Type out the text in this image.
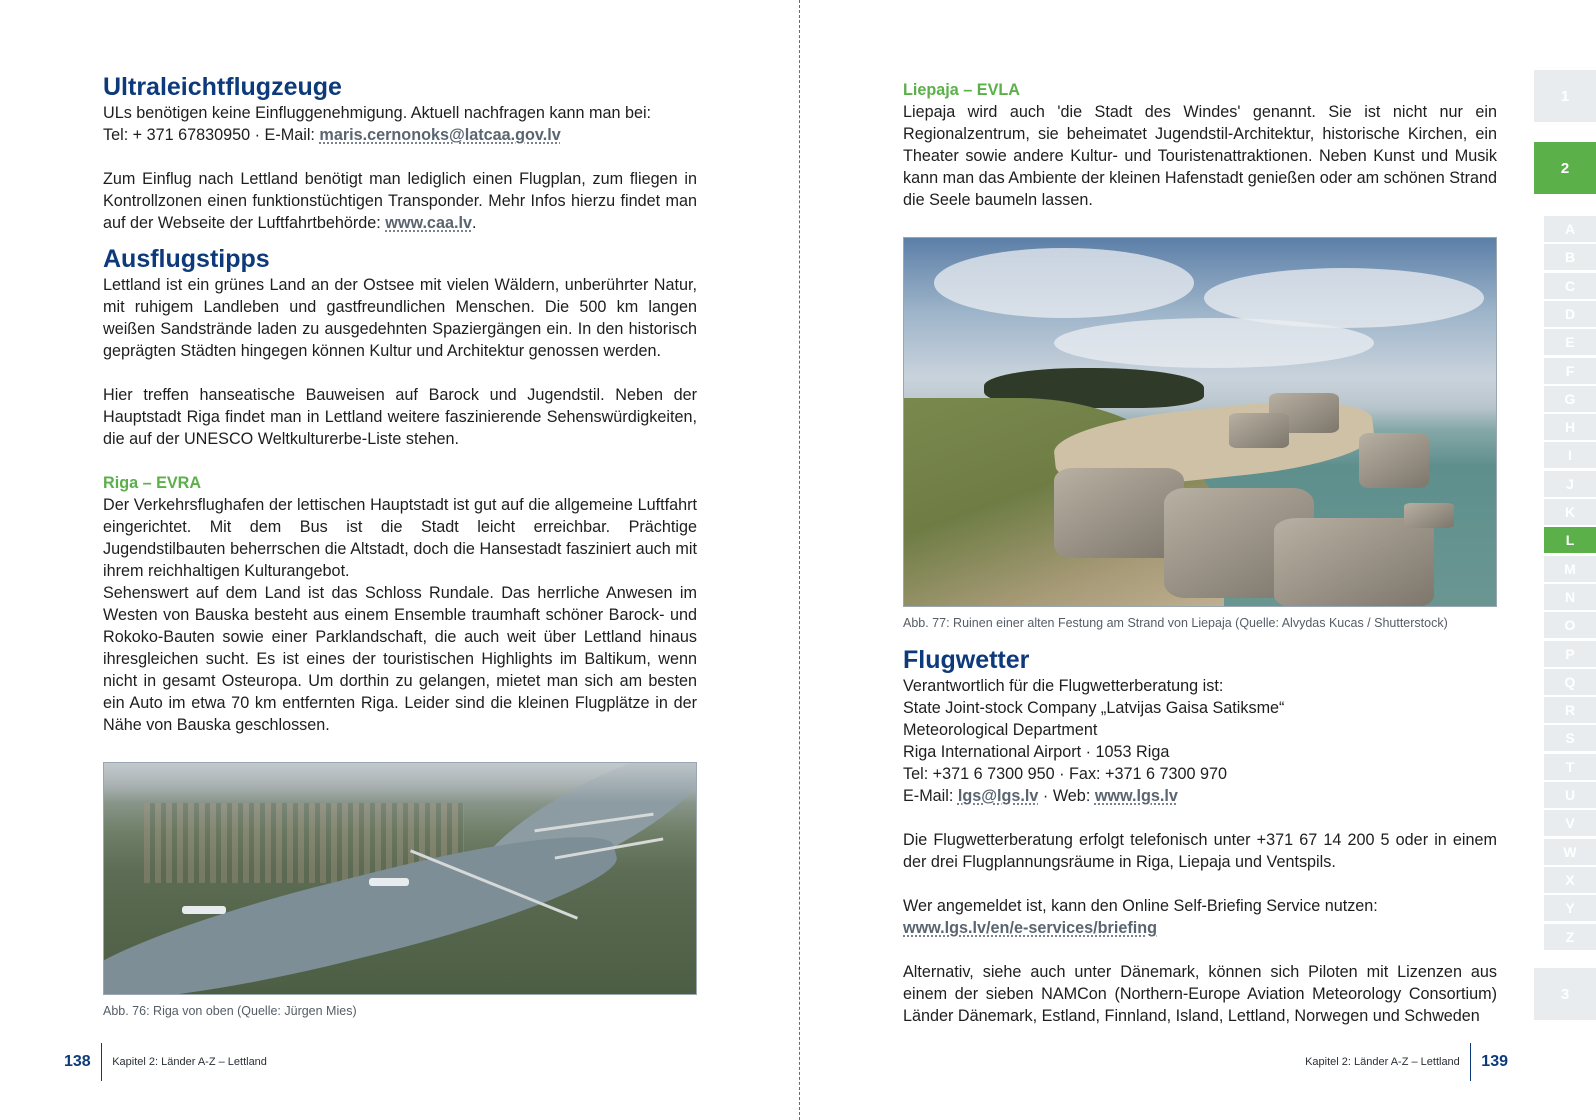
Ultraleichtflugzeuge

ULs benötigen keine Einfluggenehmigung. Aktuell nachfragen kann man bei:

Tel: + 371 67830950 · E-Mail: maris.cernonoks@latcaa.gov.lv

Zum Einflug nach Lettland benötigt man lediglich einen Flugplan, zum fliegen in Kontrollzonen einen funktionstüchtigen Transponder. Mehr Infos hierzu findet man auf der Webseite der Luftfahrtbehörde: www.caa.lv.

Ausflugstipps

Lettland ist ein grünes Land an der Ostsee mit vielen Wäldern, unberührter Natur, mit ruhigem Landleben und gastfreundlichen Menschen. Die 500 km langen weißen Sandstrände laden zu ausgedehnten Spaziergängen ein. In den historisch geprägten Städten hingegen können Kultur und Architektur genossen werden.

Hier treffen hanseatische Bauweisen auf Barock und Jugendstil. Neben der Hauptstadt Riga findet man in Lettland weitere faszinierende Sehenswürdigkeiten, die auf der UNESCO Weltkulturerbe-Liste stehen.

Riga – EVRA

Der Verkehrsflughafen der lettischen Hauptstadt ist gut auf die allgemeine Luftfahrt eingerichtet. Mit dem Bus ist die Stadt leicht erreichbar. Prächtige Jugendstilbauten beherrschen die Altstadt, doch die Hansestadt fasziniert auch mit ihrem reichhaltigen Kulturangebot.

Sehenswert auf dem Land ist das Schloss Rundale. Das herrliche Anwesen im Westen von Bauska besteht aus einem Ensemble traumhaft schöner Barock- und Rokoko-Bauten sowie einer Parklandschaft, die auch weit über Lettland hinaus ihresgleichen sucht. Es ist eines der touristischen Highlights im Baltikum, wenn nicht in gesamt Osteuropa. Um dorthin zu gelangen, mietet man sich am besten ein Auto im etwa 70 km entfernten Riga. Leider sind die kleinen Flugplätze in der Nähe von Bauska geschlossen.

Abb. 76: Riga von oben (Quelle: Jürgen Mies)

138 Kapitel 2: Länder A-Z – Lettland
Liepaja – EVLA

Liepaja wird auch 'die Stadt des Windes' genannt. Sie ist nicht nur ein Regionalzentrum, sie beheimatet Jugendstil-Architektur, historische Kirchen, ein Theater sowie andere Kultur- und Touristenattraktionen. Neben Kunst und Musik kann man das Ambiente der kleinen Hafenstadt genießen oder am schönen Strand die Seele baumeln lassen.

Abb. 77: Ruinen einer alten Festung am Strand von Liepaja (Quelle: Alvydas Kucas / Shutterstock)

Flugwetter

Verantwortlich für die Flugwetterberatung ist:

State Joint-stock Company „Latvijas Gaisa Satiksme“

Meteorological Department

Riga International Airport · 1053 Riga

Tel: +371 6 7300 950 · Fax: +371 6 7300 970

E-Mail: lgs@lgs.lv · Web: www.lgs.lv

Die Flugwetterberatung erfolgt telefonisch unter +371 67 14 200 5 oder in einem der drei Flugplannungsräume in Riga, Liepaja und Ventspils.

Wer angemeldet ist, kann den Online Self-Briefing Service nutzen:

www.lgs.lv/en/e-services/briefing

Alternativ, siehe auch unter Dänemark, können sich Piloten mit Lizenzen aus einem der sieben NAMCon (Northern-Europe Aviation Meteorology Consortium) Länder Dänemark, Estland, Finnland, Island, Lettland, Norwegen und Schweden

Kapitel 2: Länder A-Z – Lettland 139
1
2
3
A
B
C
D
E
F
G
H
I
J
K
L
M
N
O
P
Q
R
S
T
U
V
W
X
Y
Z
